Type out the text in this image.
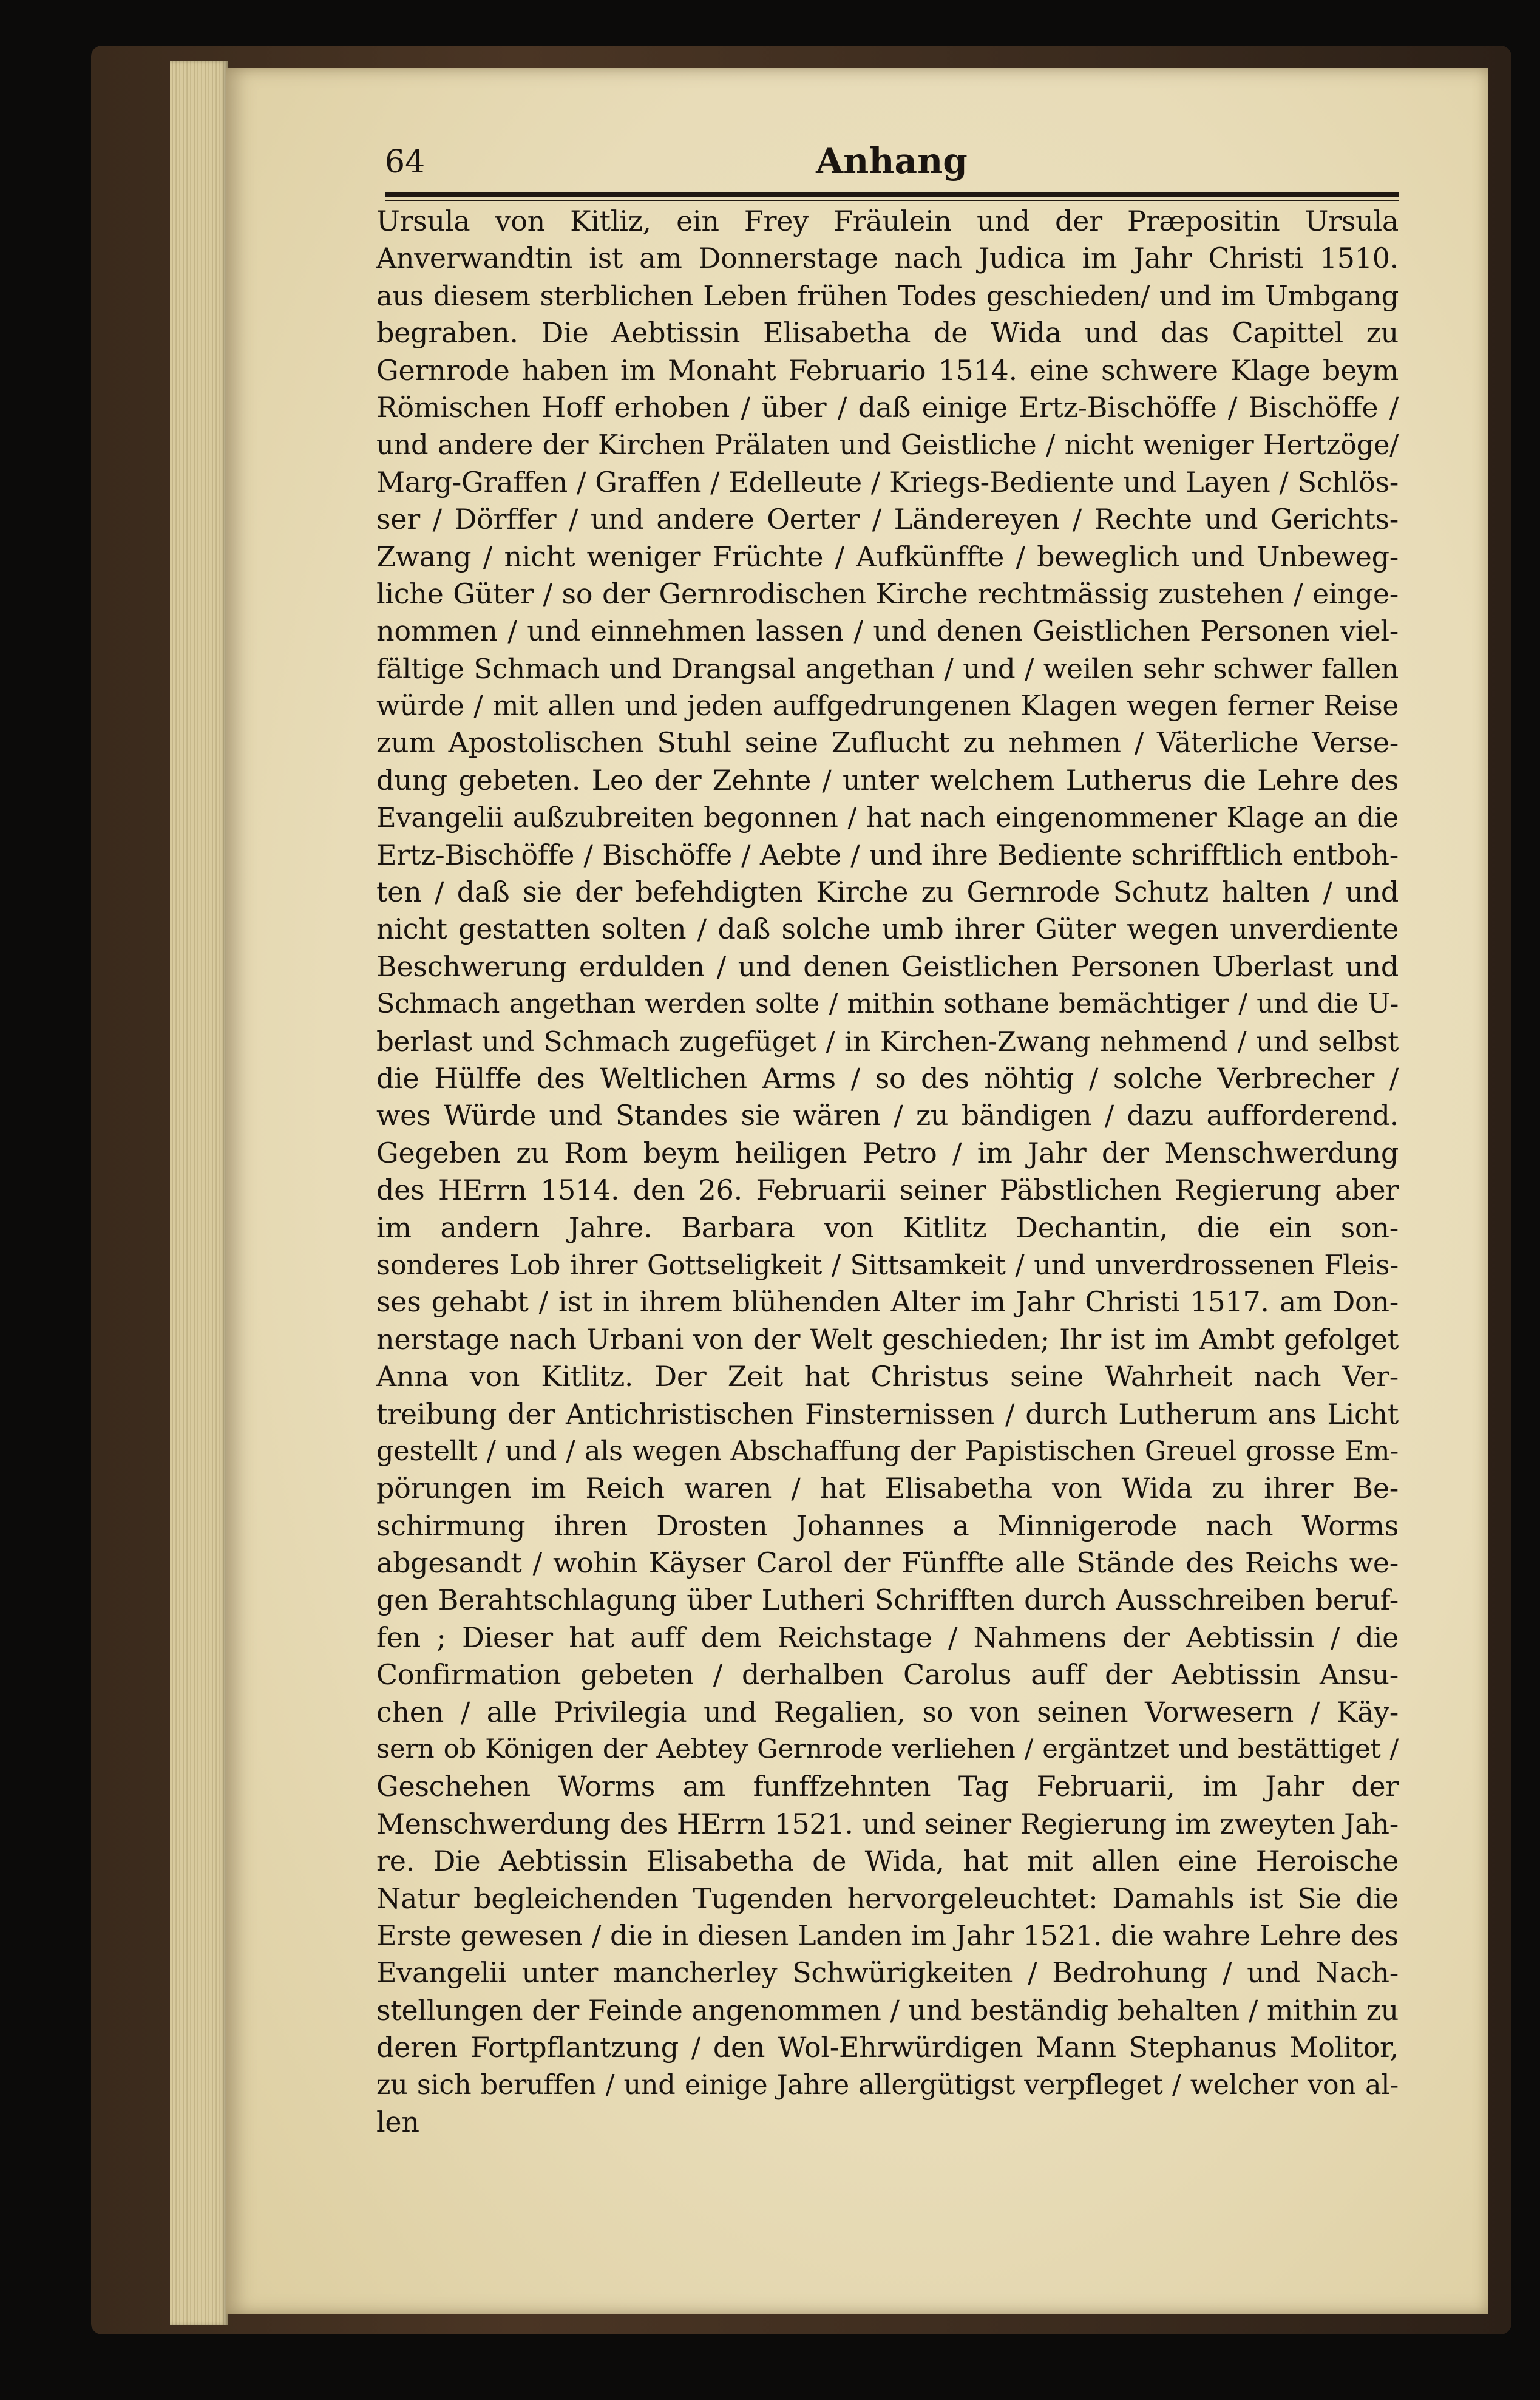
64	Anhang
Ursula von Kitliz, ein Frey Fräulein und der Præpositin Ursula
Anverwandtin ist am Donnerstage nach Judica im Jahr Christi 1510.
aus diesem sterblichen Leben frühen Todes geschieden/ und im Umbgang
begraben. Die Aebtissin Elisabetha de Wida und das Capittel zu
Gernrode haben im Monaht Februario 1514. eine schwere Klage beym
Römischen Hoff erhoben / über / daß einige Ertz-Bischöffe / Bischöffe /
und andere der Kirchen Prälaten und Geistliche / nicht weniger Hertzöge/
Marg-Graffen / Graffen / Edelleute / Kriegs-Bediente und Layen / Schlös-
ser / Dörffer / und andere Oerter / Ländereyen / Rechte und Gerichts-
Zwang / nicht weniger Früchte / Aufkünffte / beweglich und Unbeweg-
liche Güter / so der Gernrodischen Kirche rechtmässig zustehen / einge-
nommen / und einnehmen lassen / und denen Geistlichen Personen viel-
fältige Schmach und Drangsal angethan / und / weilen sehr schwer fallen
würde / mit allen und jeden auffgedrungenen Klagen wegen ferner Reise
zum Apostolischen Stuhl seine Zuflucht zu nehmen / Väterliche Verse-
dung gebeten. Leo der Zehnte / unter welchem Lutherus die Lehre des
Evangelii außzubreiten begonnen / hat nach eingenommener Klage an die
Ertz-Bischöffe / Bischöffe / Aebte / und ihre Bediente schrifftlich entboh-
ten / daß sie der befehdigten Kirche zu Gernrode Schutz halten / und
nicht gestatten solten / daß solche umb ihrer Güter wegen unverdiente
Beschwerung erdulden / und denen Geistlichen Personen Uberlast und
Schmach angethan werden solte / mithin sothane bemächtiger / und die U-
berlast und Schmach zugefüget / in Kirchen-Zwang nehmend / und selbst
die Hülffe des Weltlichen Arms / so des nöhtig / solche Verbrecher /
wes Würde und Standes sie wären / zu bändigen / dazu aufforderend.
Gegeben zu Rom beym heiligen Petro / im Jahr der Menschwerdung
des HErrn 1514. den 26. Februarii seiner Päbstlichen Regierung aber
im andern Jahre. Barbara von Kitlitz Dechantin, die ein son-
sonderes Lob ihrer Gottseligkeit / Sittsamkeit / und unverdrossenen Fleis-
ses gehabt / ist in ihrem blühenden Alter im Jahr Christi 1517. am Don-
nerstage nach Urbani von der Welt geschieden; Ihr ist im Ambt gefolget
Anna von Kitlitz. Der Zeit hat Christus seine Wahrheit nach Ver-
treibung der Antichristischen Finsternissen / durch Lutherum ans Licht
gestellt / und / als wegen Abschaffung der Papistischen Greuel grosse Em-
pörungen im Reich waren / hat Elisabetha von Wida zu ihrer Be-
schirmung ihren Drosten Johannes a Minnigerode nach Worms
abgesandt / wohin Käyser Carol der Fünffte alle Stände des Reichs we-
gen Berahtschlagung über Lutheri Schrifften durch Ausschreiben beruf-
fen ; Dieser hat auff dem Reichstage / Nahmens der Aebtissin / die
Confirmation gebeten / derhalben Carolus auff der Aebtissin Ansu-
chen / alle Privilegia und Regalien, so von seinen Vorwesern / Käy-
sern ob Königen der Aebtey Gernrode verliehen / ergäntzet und bestättiget /
Geschehen Worms am funffzehnten Tag Februarii, im Jahr der
Menschwerdung des HErrn 1521. und seiner Regierung im zweyten Jah-
re. Die Aebtissin Elisabetha de Wida, hat mit allen eine Heroische
Natur begleichenden Tugenden hervorgeleuchtet: Damahls ist Sie die
Erste gewesen / die in diesen Landen im Jahr 1521. die wahre Lehre des
Evangelii unter mancherley Schwürigkeiten / Bedrohung / und Nach-
stellungen der Feinde angenommen / und beständig behalten / mithin zu
deren Fortpflantzung / den Wol-Ehrwürdigen Mann Stephanus Molitor,
zu sich beruffen / und einige Jahre allergütigst verpfleget / welcher von al-
len
